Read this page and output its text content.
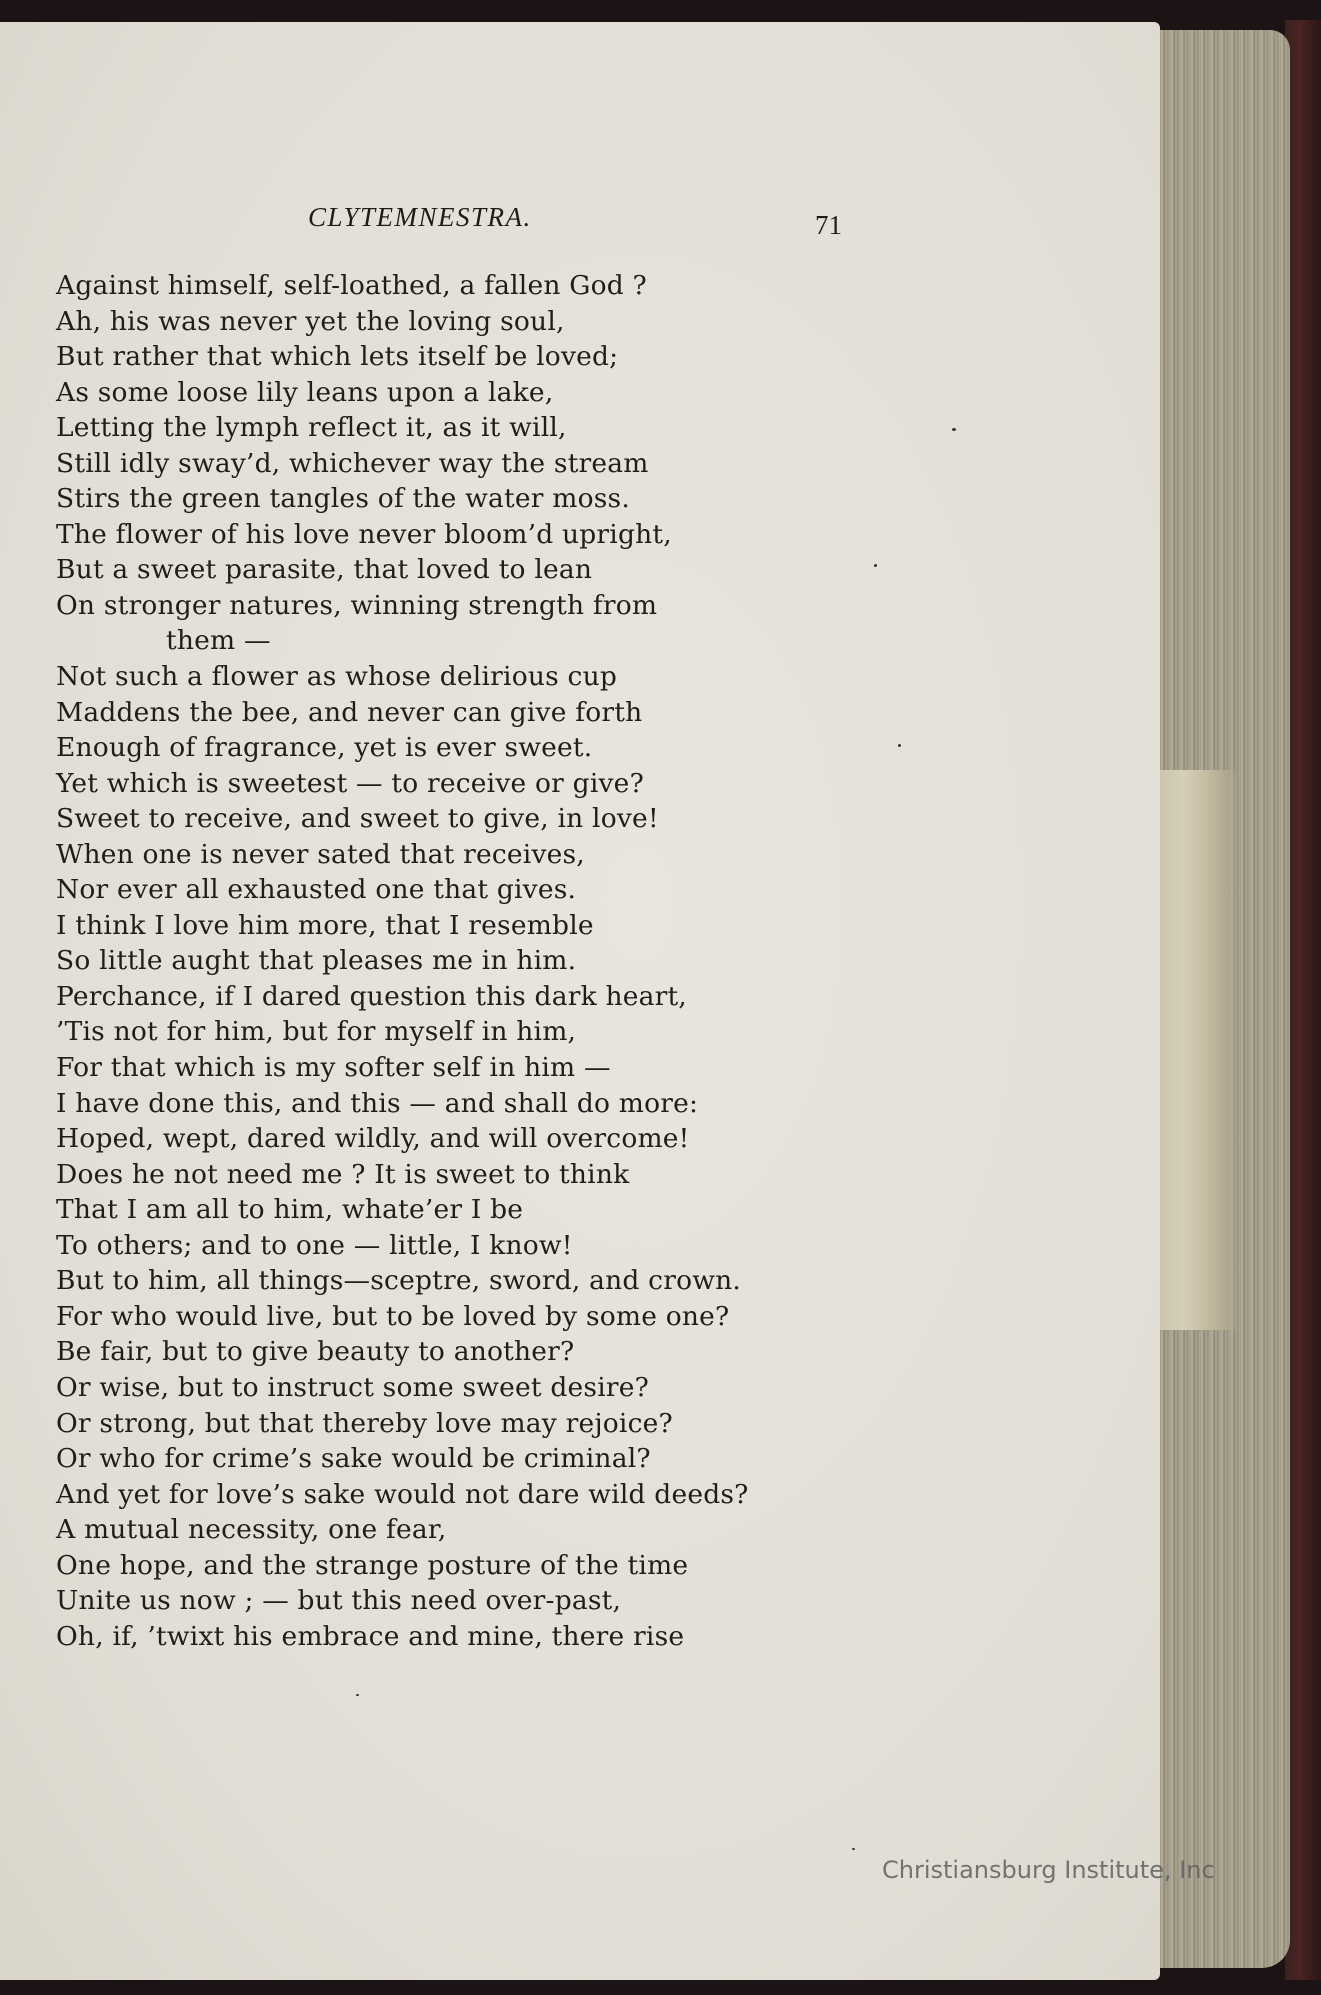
CLYTEMNESTRA.	71
Against himself, self-loathed, a fallen God ?
Ah, his was never yet the loving soul,
But rather that which lets itself be loved;
As some loose lily leans upon a lake,
Letting the lymph reflect it, as it will,
Still idly sway’d, whichever way the stream
Stirs the green tangles of the water moss.
The flower of his love never bloom’d upright,
But a sweet parasite, that loved to lean
On stronger natures, winning strength from
them —
Not such a flower as whose delirious cup
Maddens the bee, and never can give forth
Enough of fragrance, yet is ever sweet.
Yet which is sweetest — to receive or give?
Sweet to receive, and sweet to give, in love!
When one is never sated that receives,
Nor ever all exhausted one that gives.
I think I love him more, that I resemble
So little aught that pleases me in him.
Perchance, if I dared question this dark heart,
’Tis not for him, but for myself in him,
For that which is my softer self in him —
I have done this, and this — and shall do more:
Hoped, wept, dared wildly, and will overcome!
Does he not need me ? It is sweet to think
That I am all to him, whate’er I be
To others; and to one — little, I know!
But to him, all things—sceptre, sword, and crown.
For who would live, but to be loved by some one?
Be fair, but to give beauty to another?
Or wise, but to instruct some sweet desire?
Or strong, but that thereby love may rejoice?
Or who for crime’s sake would be criminal?
And yet for love’s sake would not dare wild deeds?
A mutual necessity, one fear,
One hope, and the strange posture of the time
Unite us now ; — but this need over-past,
Oh, if, ’twixt his embrace and mine, there rise
Christiansburg Institute, Inc
